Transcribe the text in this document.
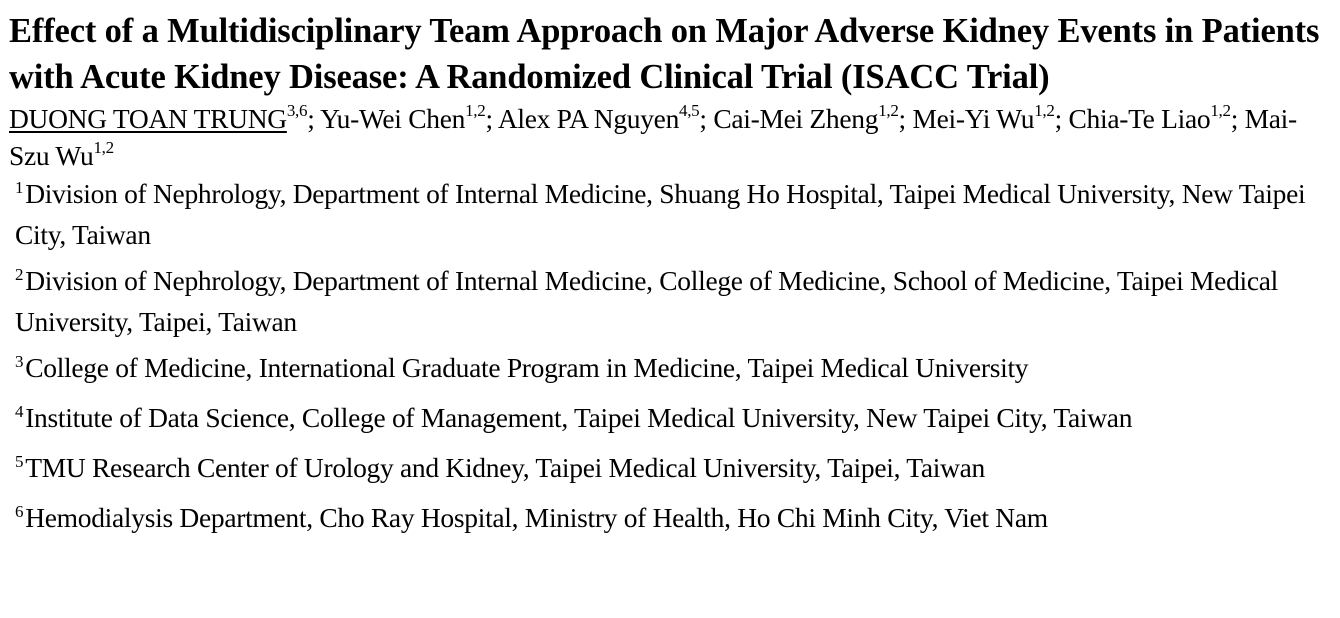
Effect of a Multidisciplinary Team Approach on Major Adverse Kidney Events in Patients with Acute Kidney Disease: A Randomized Clinical Trial (ISACC Trial)

DUONG TOAN TRUNG$^{3,6}$; Yu-Wei Chen$^{1,2}$; Alex PA Nguyen$^{4,5}$; Cai-Mei Zheng$^{1,2}$; Mei-Yi Wu$^{1,2}$; Chia-Te Liao$^{1,2}$; Mai-Szu Wu$^{1,2}$

$^1$Division of Nephrology, Department of Internal Medicine, Shuang Ho Hospital, Taipei Medical University, New Taipei City, Taiwan
$^2$Division of Nephrology, Department of Internal Medicine, College of Medicine, School of Medicine, Taipei Medical University, Taipei, Taiwan
$^3$College of Medicine, International Graduate Program in Medicine, Taipei Medical University
$^4$Institute of Data Science, College of Management, Taipei Medical University, New Taipei City, Taiwan
$^5$TMU Research Center of Urology and Kidney, Taipei Medical University, Taipei, Taiwan
$^6$Hemodialysis Department, Cho Ray Hospital, Ministry of Health, Ho Chi Minh City, Viet Nam
